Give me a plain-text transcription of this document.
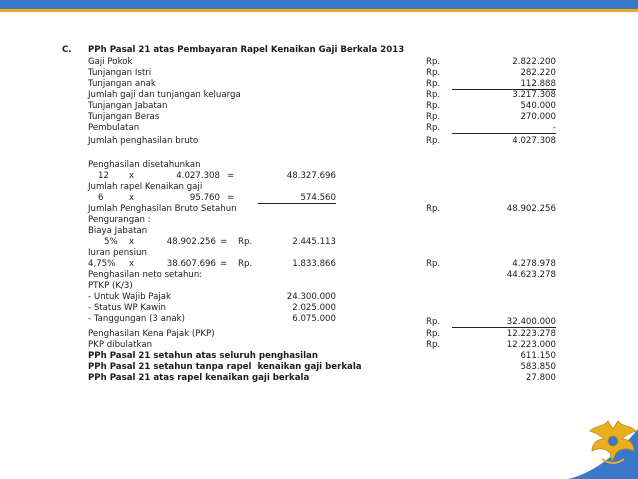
C. PPh Pasal 21 atas Pembayaran Rapel Kenaikan Gaji Berkala 2013
Gaji Pokok	Rp.	2.822.200
Tunjangan Istri	Rp.	282.220
Tunjangan anak	Rp.	112.888
Jumlah gaji dan tunjangan keluarga	Rp.	3.217.308
Tunjangan Jabatan	Rp.	540.000
Tunjangan Beras	Rp.	270.000
Pembulatan	Rp.	-
Jumlah penghasilan bruto	Rp.	4.027.308
Penghasilan disetahunkan
12 x	4.027.308 =	48.327.696
Jumlah rapel Kenaikan gaji
6	x	95.760 =	574.560
Jumlah Penghasilan Bruto Setahun	Rp.	48.902.256
Pengurangan :
Biaya Jabatan
5% x	48.902.256 = Rp.	2.445.113
Iuran pensiun
4,75% x	38.607.696 = Rp.	1.833.866	Rp.	4.278.978
Penghasilan neto setahun:	44.623.278
PTKP (K/3)
- Untuk Wajib Pajak	24.300.000
- Status WP Kawin	2.025.000
- Tanggungan (3 anak)	6.075.000	Rp.	32.400.000
Penghasilan Kena Pajak (PKP)	Rp.	12.223.278
PKP dibulatkan	Rp.	12.223.000
PPh Pasal 21 setahun atas seluruh penghasilan	611.150
PPh Pasal 21 setahun tanpa rapel  kenaikan gaji berkala	583.850
PPh Pasal 21 atas rapel kenaikan gaji berkala	27.800
